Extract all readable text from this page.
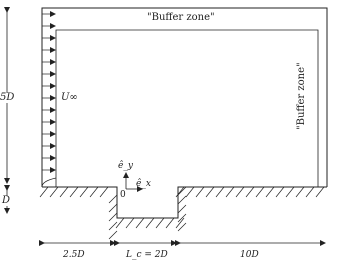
"Buffer zone"
"Buffer zone"
U∞
5D
D	0
ê_y
ê_x
2.5D	L_c = 2D	10D
